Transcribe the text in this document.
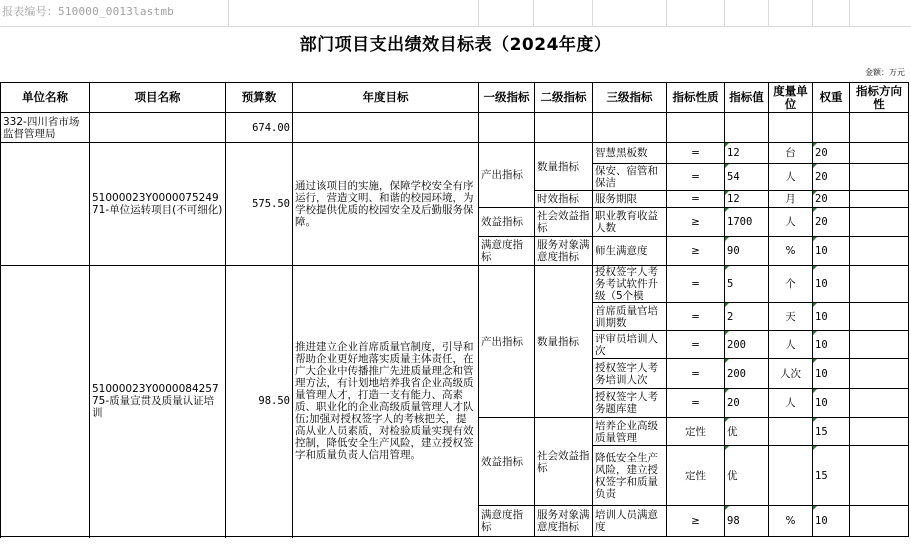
报表编号：510000_0013lastmb
部门项目支出绩效目标表（2024年度）
金额：万元
单位名称	项目名称	预算数	年度目标	一级指标	二级指标	三级指标	指标性质	指标值	度量单位	权重	指标方向性
332-四川省市场监督管理局		674.00									
	51000023Y000007524971-单位运转项目(不可细化)	575.50	通过该项目的实施，保障学校安全有序运行，营造文明、和谐的校园环境，为学校提供优质的校园安全及后勤服务保障。	产出指标	数量指标	智慧黑板数	=	12	台	20	
						保安、宿管和保洁	=	54	人	20	
					时效指标	服务期限	=	12	月	20	
				效益指标	社会效益指标	职业教育收益人数	≥	1700	人	20	
				满意度指标	服务对象满意度指标	师生满意度	≥	90	%	10	

	51000023Y000008425775-质量宣贯及质量认证培训	98.50	推进建立企业首席质量官制度，引导和帮助企业更好地落实质量主体责任，在广大企业中传播推广先进质量理念和管理方法，有计划地培养我省企业高级质量管理人才，打造一支有能力、高素质、职业化的企业高级质量管理人才队伍;加强对授权签字人的考核把关，提高从业人员素质，对检验质量实现有效控制，降低安全生产风险，建立授权签字和质量负责人信用管理。	产出指标	数量指标	授权签字人考务考试软件升级（5个模	=	5	个	10	
						首席质量官培训期数	=	2	天	10	
						评审员培训人次	=	200	人	10	
						授权签字人考务培训人次	=	200	人次	10	
						授权签字人考务题库建	=	20	人	10	
				效益指标	社会效益指标	培养企业高级质量管理	定性	优		15	
						降低安全生产风险，建立授权签字和质量负责	定性	优		15	
				满意度指标	服务对象满意度指标	培训人员满意度	≥	98	%	10	
